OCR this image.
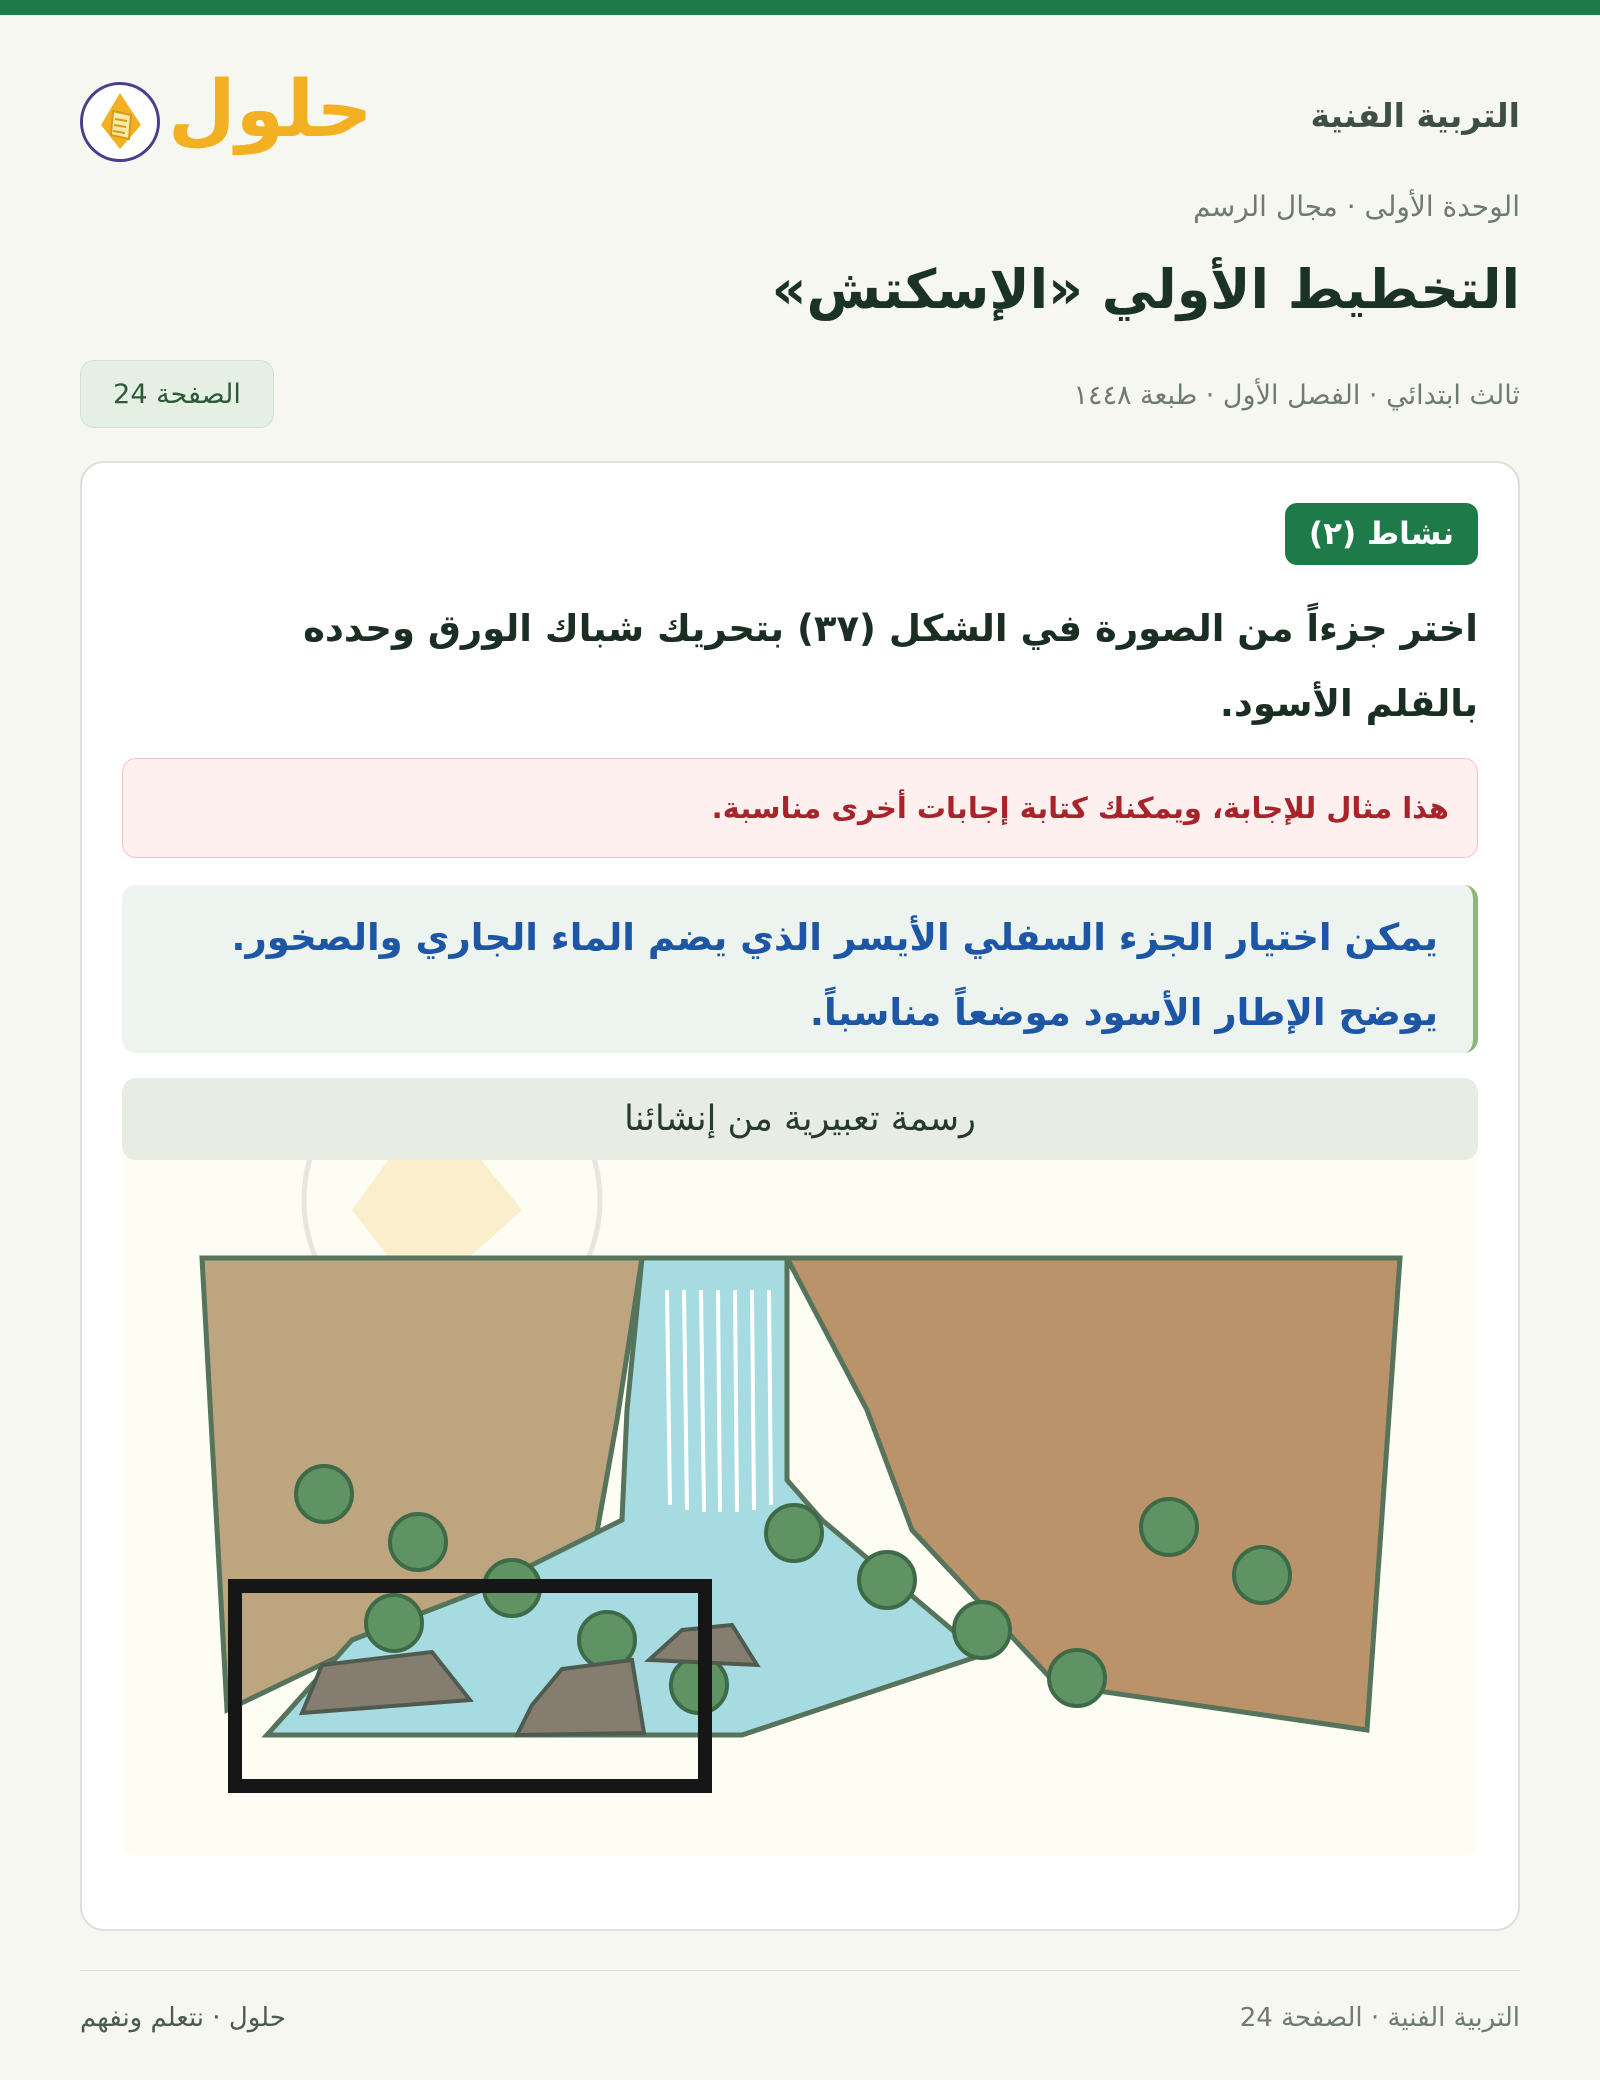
التربية الفنية
حلول
الوحدة الأولى · مجال الرسم
التخطيط الأولي «الإسكتش»
ثالث ابتدائي · الفصل الأول · طبعة ١٤٤٨
الصفحة 24
نشاط (٢)

اختر جزءاً من الصورة في الشكل (٣٧) بتحريك شباك الورق وحدده بالقلم الأسود.

هذا مثال للإجابة، ويمكنك كتابة إجابات أخرى مناسبة.
يمكن اختيار الجزء السفلي الأيسر الذي يضم الماء الجاري والصخور. يوضح الإطار الأسود موضعاً مناسباً.
رسمة تعبيرية من إنشائنا
التربية الفنية · الصفحة 24
حلول · نتعلم ونفهم
